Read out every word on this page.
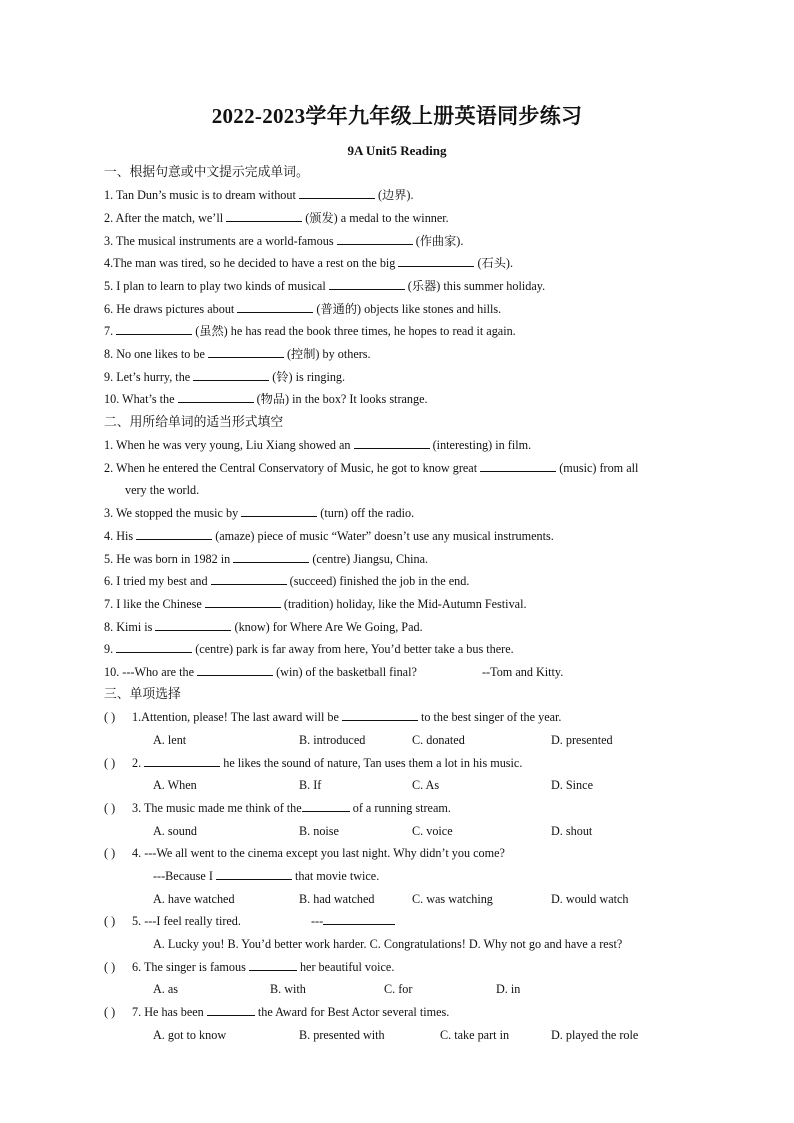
2022-2023学年九年级上册英语同步练习
9A Unit5 Reading
一、根据句意或中文提示完成单词。
1. Tan Dun’s music is to dream without	(边界).
2. After the match, we’ll	(颁发) a medal to the winner.
3. The musical instruments are a world-famous	(作曲家).
4.The man was tired, so he decided to have a rest on the big	(石头).
5. I plan to learn to play two kinds of musical	(乐器) this summer holiday.
6. He draws pictures about	(普通的) objects like stones and hills.
7.	(虽然) he has read the book three times, he hopes to read it again.
8. No one likes to be	(控制) by others.
9. Let’s hurry, the	(铃) is ringing.
10. What’s the	(物品) in the box? It looks strange.
二、用所给单词的适当形式填空
1. When he was very young, Liu Xiang showed an	(interesting) in film.
2. When he entered the Central Conservatory of Music, he got to know great	(music) from all
very the world.
3. We stopped the music by	(turn) off the radio.
4. His	(amaze) piece of music “Water” doesn’t use any musical instruments.
5. He was born in 1982 in	(centre) Jiangsu, China.
6. I tried my best and	(succeed) finished the job in the end.
7. I like the Chinese	(tradition) holiday, like the Mid-Autumn Festival.
8. Kimi is	(know) for Where Are We Going, Pad.
9.	(centre) park is far away from here, You’d better take a bus there.
10. ---Who are the	(win) of the basketball final?	--Tom and Kitty.
三、单项选择
( ) 1.Attention, please! The last award will be	to the best singer of the year.
A. lent	B. introduced	C. donated	D. presented
( ) 2.	he likes the sound of nature, Tan uses them a lot in his music.
A. When	B. If	C. As	D. Since
( ) 3. The music made me think of the	of a running stream.
A. sound	B. noise	C. voice	D. shout
( ) 4. ---We all went to the cinema except you last night. Why didn’t you come?
---Because I	that movie twice.
A. have watched	B. had watched	C. was watching	D. would watch
( ) 5. ---I feel really tired.	---
A. Lucky you! B. You’d better work harder. C. Congratulations! D. Why not go and have a rest?
( ) 6. The singer is famous	her beautiful voice.
A. as	B. with	C. for	D. in
( ) 7. He has been	the Award for Best Actor several times.
A. got to know	B. presented with	C. take part in	D. played the role
